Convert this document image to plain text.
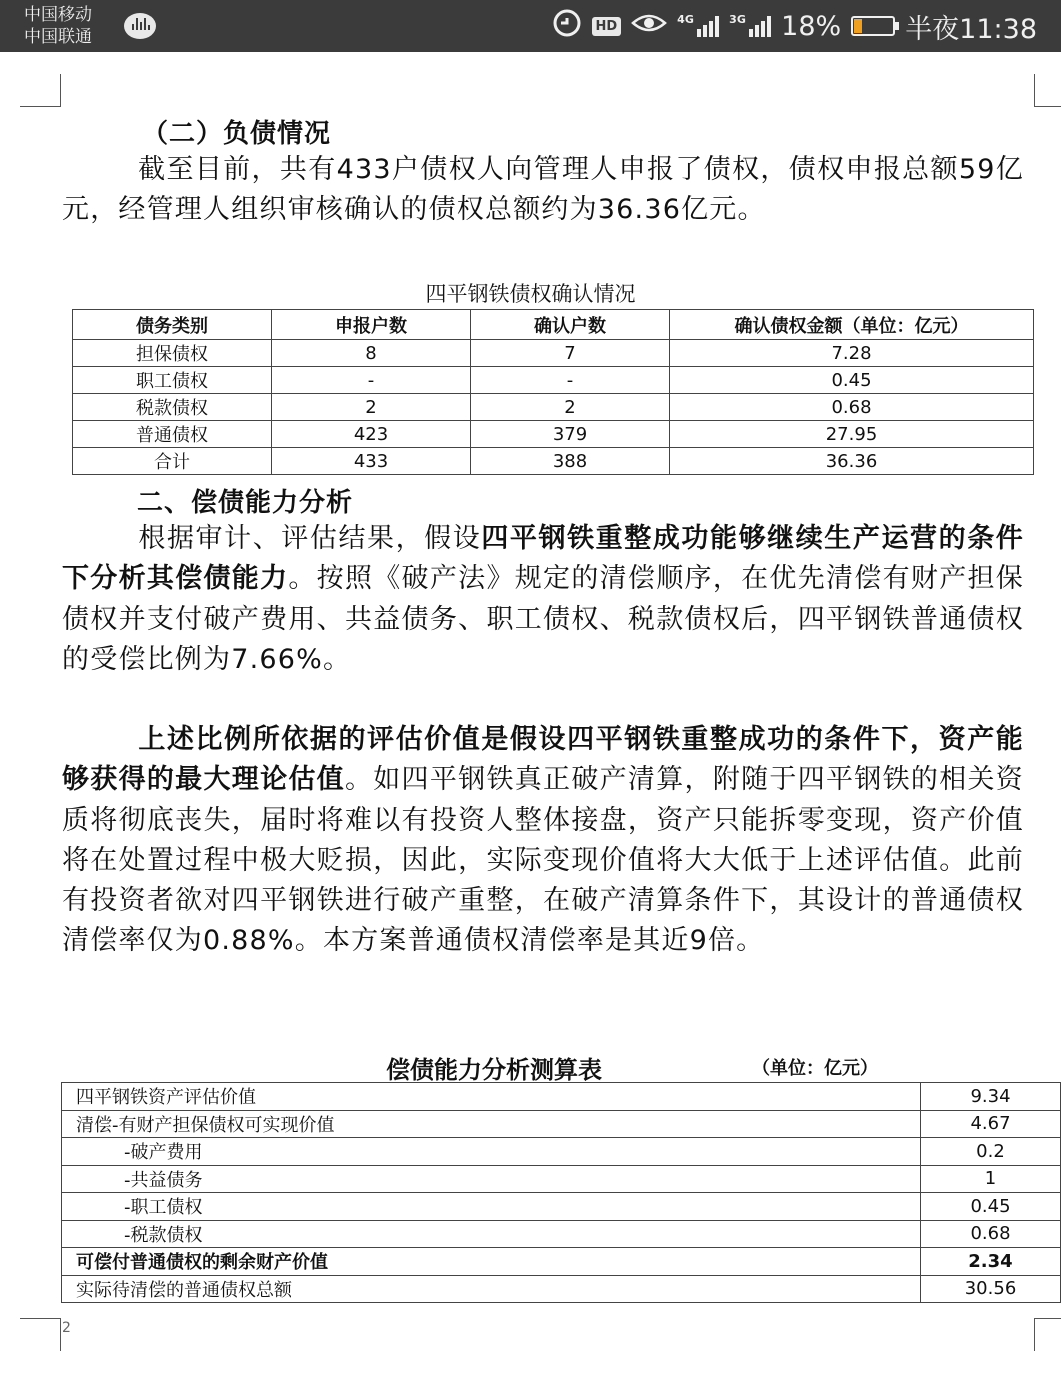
中国移动
中国联通
HD	4G	3G 18% 半夜11:38
（二）负债情况

截至目前，共有433户债权人向管理人申报了债权，债权申报总额59亿元，经管理人组织审核确认的债权总额约为36.36亿元。

四平钢铁债权确认情况
债务类别	申报户数	确认户数	确认债权金额（单位：亿元）
担保债权	8	7	7.28
职工债权	-	-	0.45
税款债权	2	2	0.68
普通债权	423	379	27.95
合计	433	388	36.36
二、偿债能力分析

根据审计、评估结果，假设四平钢铁重整成功能够继续生产运营的条件下分析其偿债能力。按照《破产法》规定的清偿顺序，在优先清偿有财产担保债权并支付破产费用、共益债务、职工债权、税款债权后，四平钢铁普通债权的受偿比例为7.66%。

上述比例所依据的评估价值是假设四平钢铁重整成功的条件下，资产能够获得的最大理论估值。如四平钢铁真正破产清算，附随于四平钢铁的相关资质将彻底丧失，届时将难以有投资人整体接盘，资产只能拆零变现，资产价值将在处置过程中极大贬损，因此，实际变现价值将大大低于上述评估值。此前有投资者欲对四平钢铁进行破产重整，在破产清算条件下，其设计的普通债权清偿率仅为0.88%。本方案普通债权清偿率是其近9倍。

偿债能力分析测算表	（单位：亿元）
四平钢铁资产评估价值	9.34
清偿-有财产担保债权可实现价值	4.67
-破产费用	0.2
-共益债务	1
-职工债权	0.45
-税款债权	0.68
可偿付普通债权的剩余财产价值	2.34
实际待清偿的普通债权总额	30.56
2
